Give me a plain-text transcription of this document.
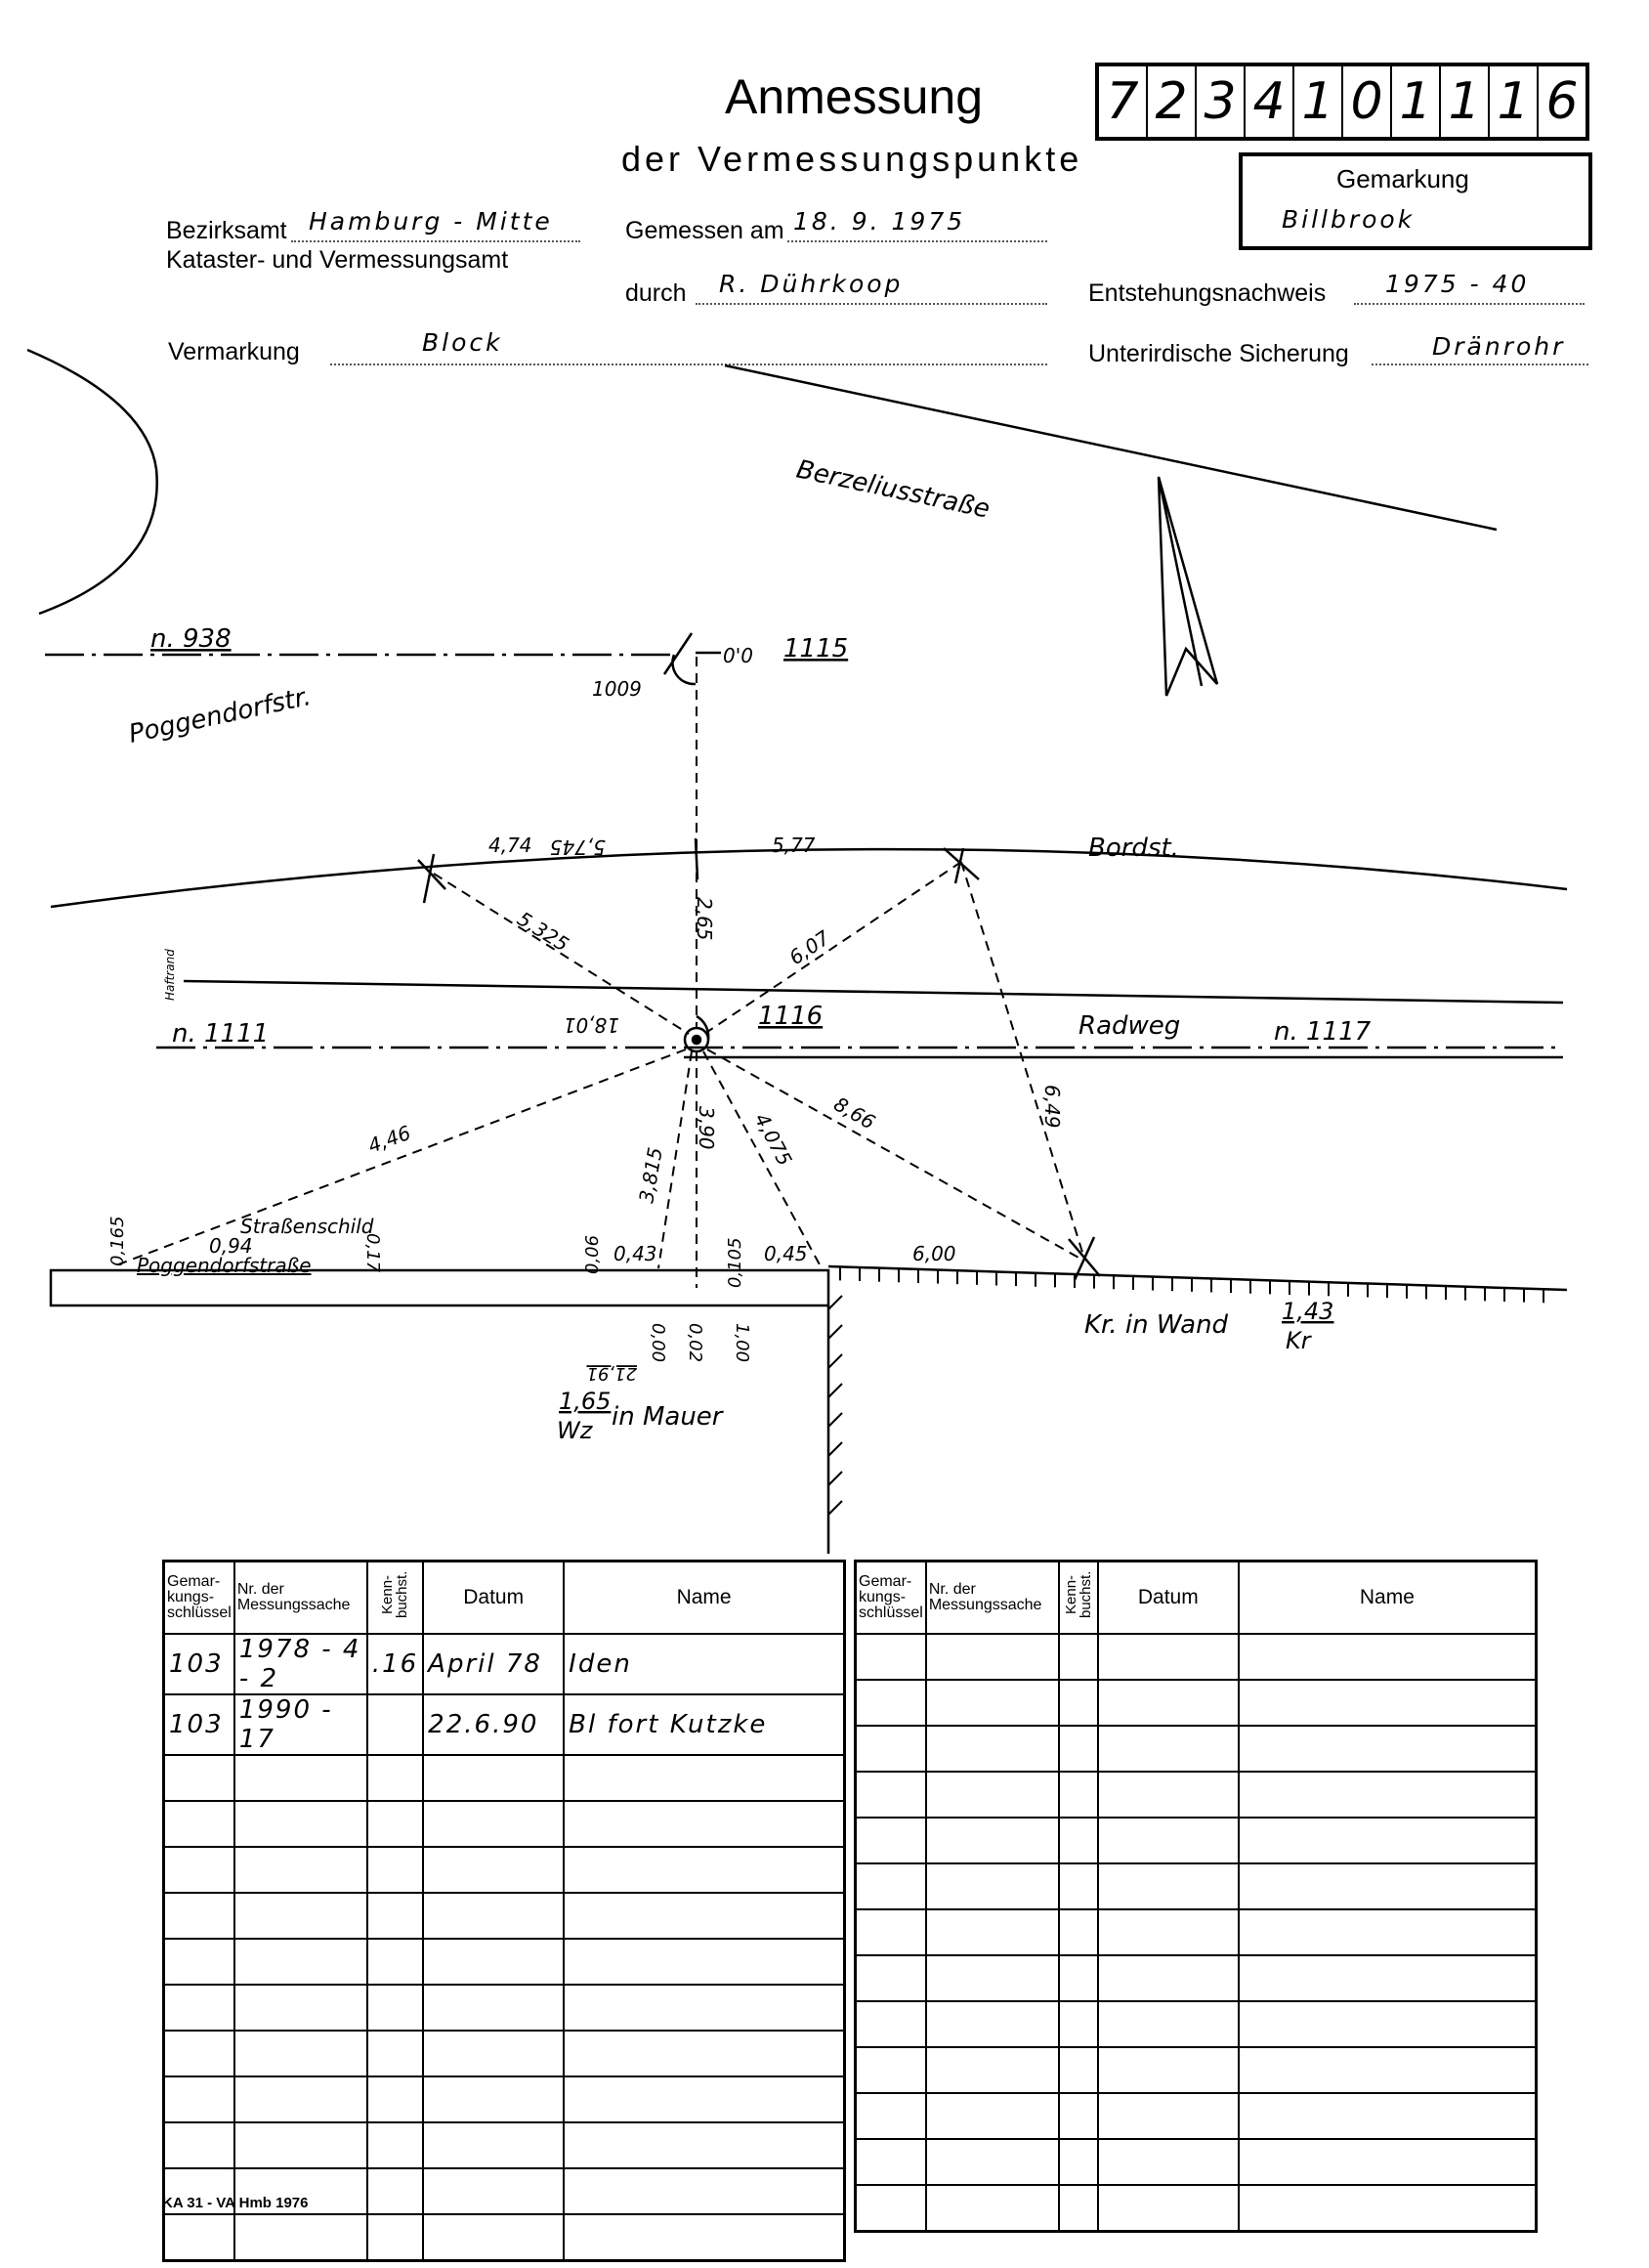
Anmessung
der Vermessungspunkte
7 2 3 4 1 0 1 1 1 6
Gemarkung
Billbrook
Bezirksamt Hamburg - Mitte
Kataster- und Vermessungsamt
Gemessen am 18. 9. 1975
durch R. Dührkoop	Entstehungsnachweis 1975 - 40
Vermarkung	Block	Unterirdische Sicherung	Dränrohr
Berzeliusstraße
Poggendorfstr.
n. 938	1115
0'0
1009
Bordst.
Haftrand
Radweg
n. 1111	n. 1117
1116
4,74 5,745	5,77
5,325	2,65
6,07
18,01
4,46
3,815
3,90 4,075 8,66	6,49
Straßenschild
Poggendorfstraße
0,165	0,94	0,17	0,06 0,43	0,105 0,45	6,00
0,00 0,02
21,91
1,00
1,65
Wz in Mauer
Kr. in Wand 1,43
Kr
Gemar-kungs-schlüssel	Nr. der Messungssache	Kenn-buchst.	Datum	Name
103	1978 - 4 - 2	.16	April 78	Iden
103	1990 - 17		22.6.90	Bl fort Kutzke

Gemar-kungs-schlüssel	Nr. der Messungssache	Kenn-buchst.	Datum	Name

KA 31 - VA Hmb 1976
